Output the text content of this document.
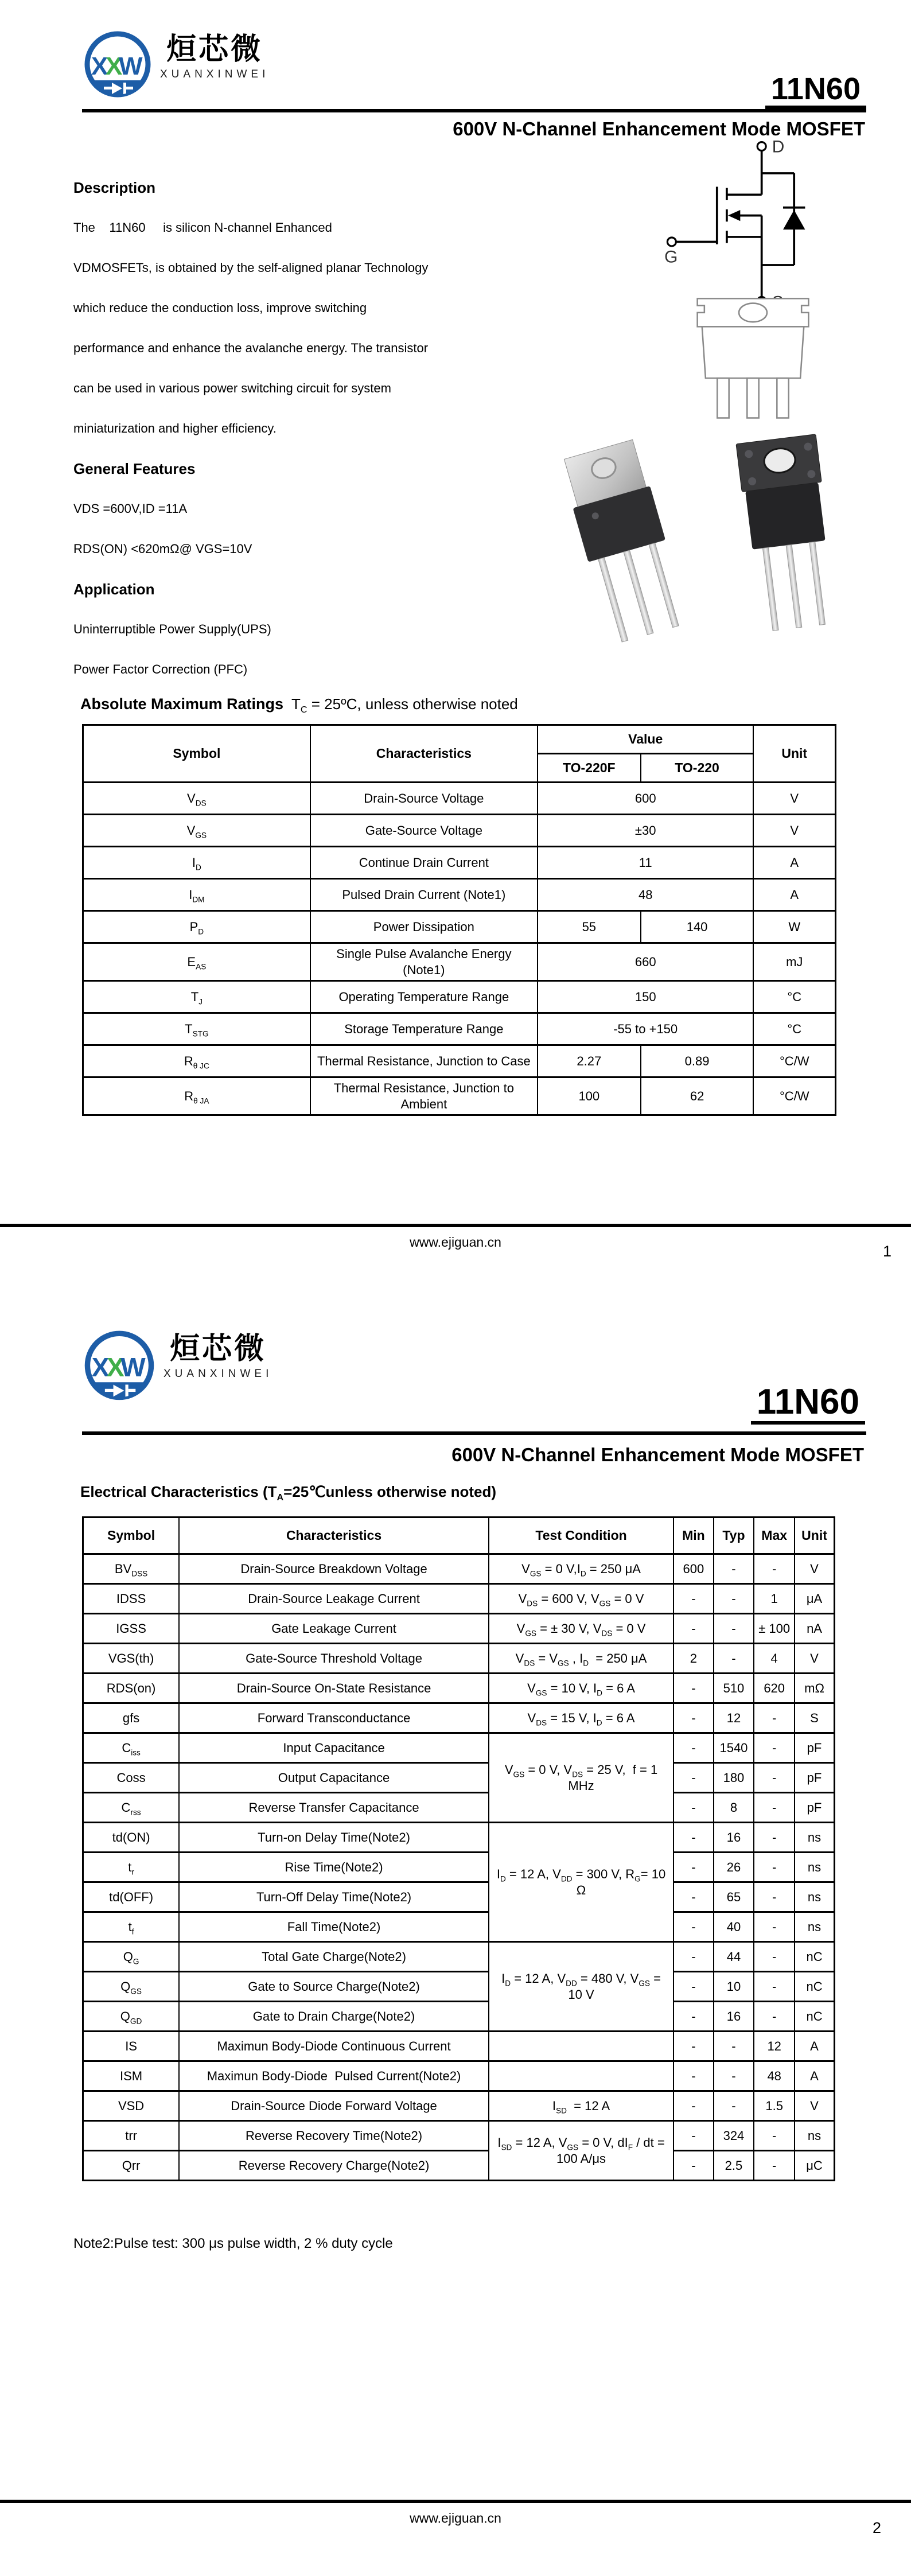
X
X
W
烜芯微
XUANXINWEI	11N60
600V N-Channel Enhancement Mode MOSFET
Description
The    11N60     is silicon N-channel Enhanced
VDMOSFETs, is obtained by the self-aligned planar Technology
which reduce the conduction loss, improve switching
performance and enhance the avalanche energy. The transistor
can be used in various power switching circuit for system
miniaturization and higher efficiency.
General Features
VDS =600V,ID =11A
RDS(ON) <620mΩ@ VGS=10V
Application
Uninterruptible Power Supply(UPS)
Power Factor Correction (PFC)
D
G
Absolute Maximum Ratings  $T_C$ = 25ºC, unless otherwise noted
Symbol	Characteristics	Value		Unit
		TO-220F	TO-220	
$V_{DS}$	Drain-Source Voltage	600		V
$V_{GS}$	Gate-Source Voltage	±30		V
$I_D$	Continue Drain Current	11		A
$I_{DM}$	Pulsed Drain Current (Note1)	48		A
$P_D$	Power Dissipation	55	140	W
$E_{AS}$	Single Pulse Avalanche Energy (Note1)	660		mJ
$T_J$	Operating Temperature Range	150		°C
$T_{STG}$	Storage Temperature Range	-55 to +150		°C
$R_{\theta JC}$	Thermal Resistance, Junction to Case	2.27	0.89	°C/W
$R_{\theta JA}$	Thermal Resistance, Junction to Ambient	100	62	°C/W
www.ejiguan.cn
1
X
X
W
烜芯微
XUANXINWEI
11N60
600V N-Channel Enhancement Mode MOSFET
Electrical Characteristics ($T_A=25℃unless$ otherwise noted)
Symbol	Characteristics	Test Condition	Min	Typ	Max	Unit
$BV_{DSS}$	Drain-Source Breakdown Voltage	$V_{GS} = 0$ $V,I_D = 250$ μA	600	-	-	V
IDSS	Drain-Source Leakage Current	$V_{DS} = 600$ V, $V_{GS} = 0$ V	-	-	1	μA
IGSS	Gate Leakage Current	$V_{GS}$ = ± 30 V, $V_{DS} = 0$ V	-	-	± 100	nA
VGS(th)	Gate-Source Threshold Voltage	$V_{DS} = V_{GS}$ , $I_D = 250$ μA	2	-	4	V
RDS(on)	Drain-Source On-State Resistance	$V_{GS} = 10$ V, $I_D = 6$ A	-	510	620	mΩ
gfs	Forward Transconductance	$V_{DS} = 15$ V, $I_D = 6$ A	-	12	-	S
$C_{iss}$	Input Capacitance	$V_{GS} = 0$ V, $V_{DS} = 25$ V,  f = 1 MHz	-	1540	-	pF
Coss	Output Capacitance		-	180	-	pF
$C_{rss}$	Reverse Transfer Capacitance		-	8	-	pF
td(ON)	Turn-on Delay Time(Note2)	$I_D = 12$ A, $V_{DD} = 300$ V, $R_G= 10$ Ω	-	16	-	ns
$t_r$	Rise Time(Note2)		-	26	-	ns
td(OFF)	Turn-Off Delay Time(Note2)		-	65	-	ns
$t_f$	Fall Time(Note2)		-	40	-	ns
$Q_G$	Total Gate Charge(Note2)	$I_D = 12$ A, $V_{DD} = 480$ V, $V_{GS} = 10$ V	-	44	-	nC
$Q_{GS}$	Gate to Source Charge(Note2)		-	10	-	nC
$Q_{GD}$	Gate to Drain Charge(Note2)		-	16	-	nC
IS	Maximun Body-Diode Continuous Current		-	-	12	A
ISM	Maximun Body-Diode  Pulsed Current(Note2)		-	-	48	A
VSD	Drain-Source Diode Forward Voltage	$I_{SD} = 12$ A	-	-	1.5	V
trr	Reverse Recovery Time(Note2)	$I_{SD} = 12$ A, $V_{GS} = 0$ V, $dI_F$ / dt = 100 A/μs	-	324	-	ns
Qrr	Reverse Recovery Charge(Note2)		-	2.5	-	μC
Note2:Pulse test: 300 μs pulse width, 2 % duty cycle
www.ejiguan.cn
2
